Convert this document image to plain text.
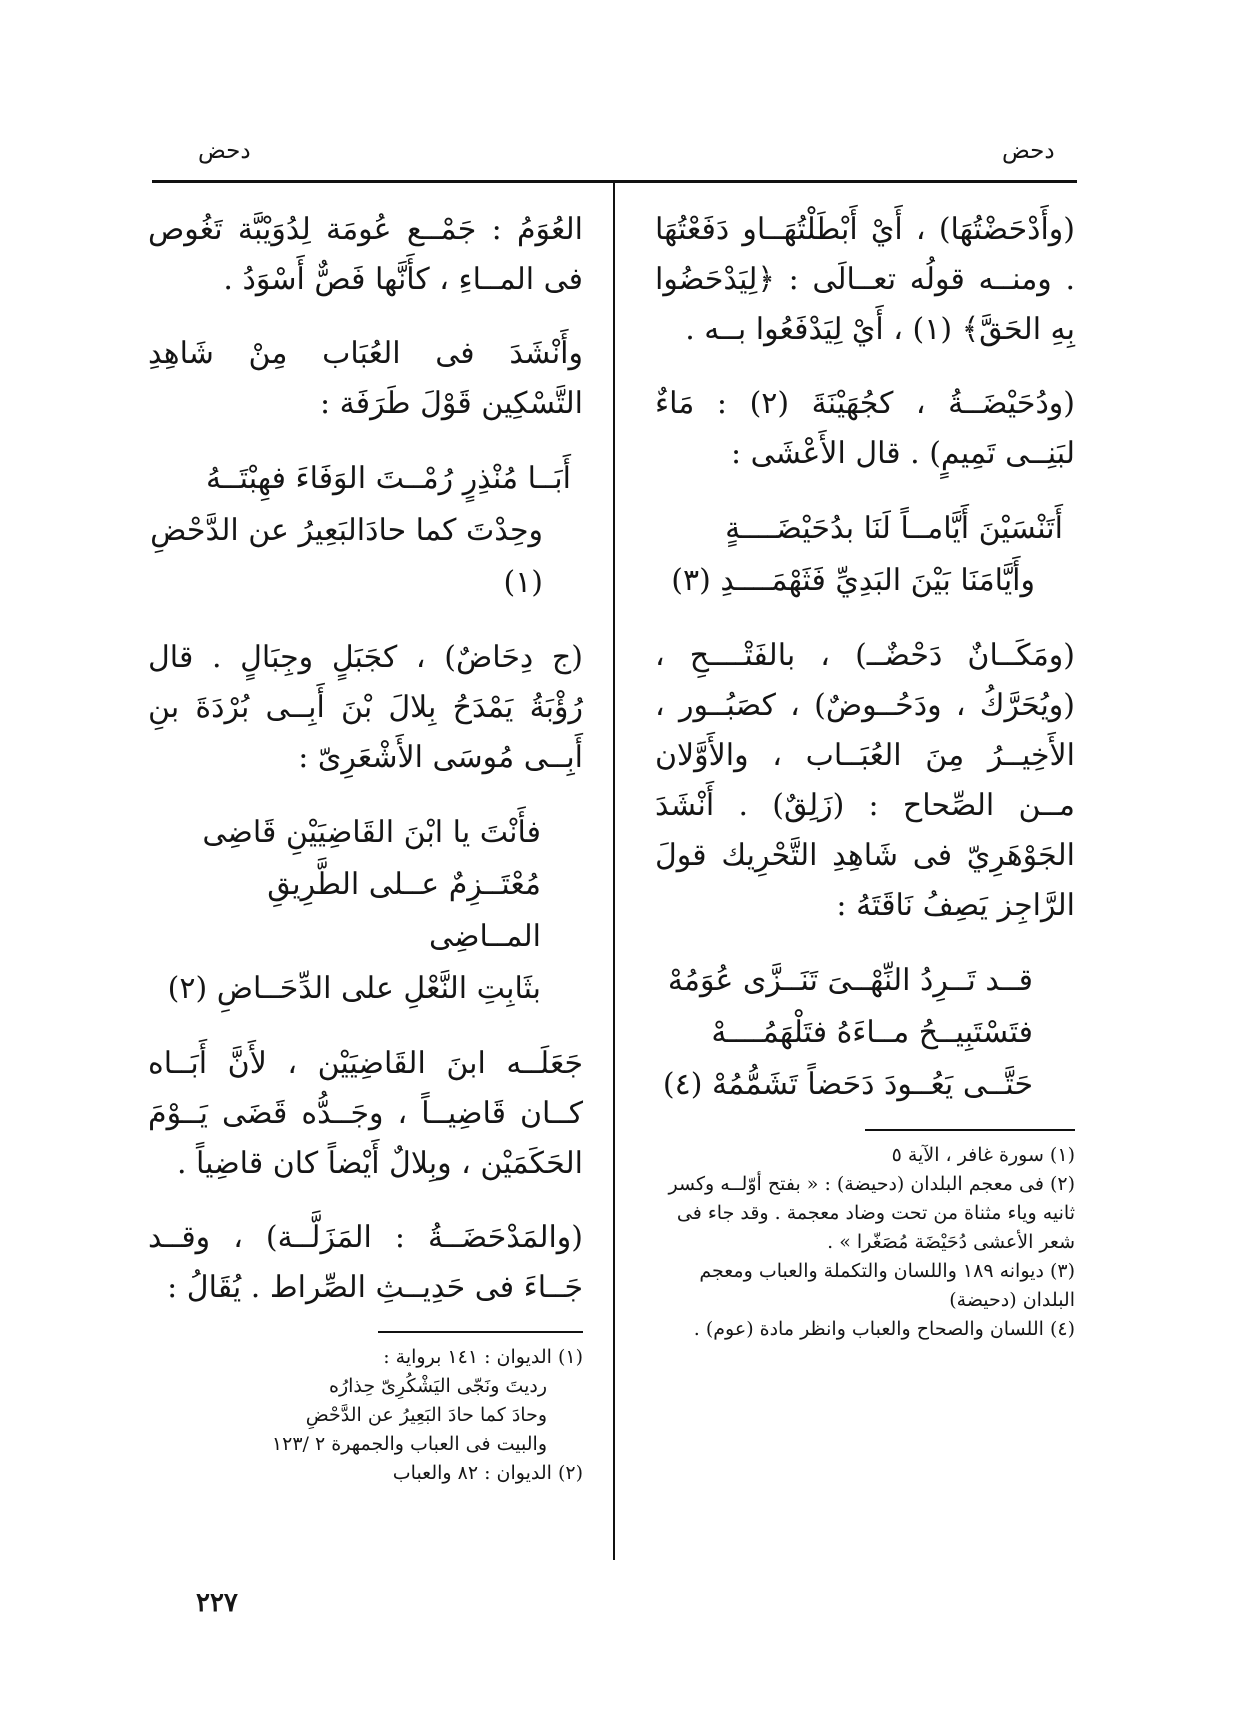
دحض
دحض

(وأَدْحَضْتُهَا) ، أَيْ أَبْطَلْتُهَــاو دَفَعْتُهَا . ومنــه قولُه تعــالَى : ﴿لِيَدْحَضُوا بِهِ الحَقَّ﴾ (١) ، أَيْ لِيَدْفَعُوا بــه .

(ودُحَيْضَــةُ ، كجُهَيْنَةَ (٢) : مَاءٌ لبَنِــى تَمِيمٍ) . قال الأَعْشَى :

أَتَنْسَيْنَ أَيَّامــاً لَنَا بدُحَيْضَــــةٍ

وأَيَّامَنَا بَيْنَ البَدِيِّ فَثَهْمَــــدِ (٣)

(ومَكَــانٌ دَحْضٌــ) ، بالفَتْــــحِ ، (ويُحَرَّكُ ، ودَحُــوضٌ) ، كصَبُــور ، الأَخِيــرُ مِنَ العُبَــاب ، والأَوَّلان مــن الصِّحاح : (زَلِقٌ) . أَنْشَدَ الجَوْهَرِيّ فى شَاهِدِ التَّحْرِيك قولَ الرَّاجِز يَصِفُ نَاقَتَهُ :

قــد تَــرِدُ النِّهْــىَ تَنَــزَّى عُوَمُهْ

فتَسْتَبِيــحُ مــاءَهُ فتَلْهَمُــــهْ

حَتَّــى يَعُــودَ دَحَضاً تَشَمُّمُهْ (٤)

(١) سورة غافر ، الآية ٥

(٢) فى معجم البلدان (دحيضة) : « بفتح أوّلــه وكسر ثانيه وياء مثناة من تحت وضاد معجمة . وقد جاء فى شعر الأعشى دُحَيْضَة مُصَغّرا » .

(٣) ديوانه ١٨٩ واللسان والتكملة والعباب ومعجم البلدان (دحيضة)

(٤) اللسان والصحاح والعباب وانظر مادة (عوم) .

العُوَمُ : جَمْــع عُومَة لِدُوَيْبَّة تَغُوص فى المــاءِ ، كأَنَّها فَصٌّ أَسْوَدُ .

وأَنْشَدَ فى العُبَاب مِنْ شَاهِدِ التَّسْكِين قَوْلَ طَرَفَة :

أَبَــا مُنْذِرٍ رُمْــتَ الوَفَاءَ فهِبْتَــهُ

وحِدْتَ كما حادَالبَعِيرُ عن الدَّحْضِ (١)

(ج دِحَاضٌ) ، كجَبَلٍ وجِبَالٍ . قال رُؤْبَةُ يَمْدَحُ بِلالَ بْنَ أَبِــى بُرْدَةَ بنِ أَبِــى مُوسَى الأَشْعَرِىّ :

فأَنْتَ يا ابْنَ القَاضِيَيْنِ قَاضِى

مُعْتَــزِمٌ عــلى الطَّرِيقِ المــاضِى

بثَابِتِ النَّعْلِ على الدِّحَــاضِ (٢)

جَعَلَــه ابنَ القَاضِيَيْن ، لأَنَّ أَبَــاه كــان قَاضِيــاً ، وجَــدُّه قَضَى يَــوْمَ الحَكَمَيْن ، وبِلالٌ أَيْضاً كان قاضِياً .

(والمَدْحَضَــةُ : المَزَلَّــة) ، وقــد جَــاءَ فى حَدِيــثِ الصِّراط . يُقَالُ :

(١) الديوان : ١٤١ برواية :

رديتَ ونَجّى اليَشْكُرِىّ حِذارُه

وحادَ كما حادَ البَعِيرُ عن الدَّحْضِ

والبيت فى العباب والجمهرة ٢ /١٢٣

(٢) الديوان : ٨٢ والعباب

٢٢٧
